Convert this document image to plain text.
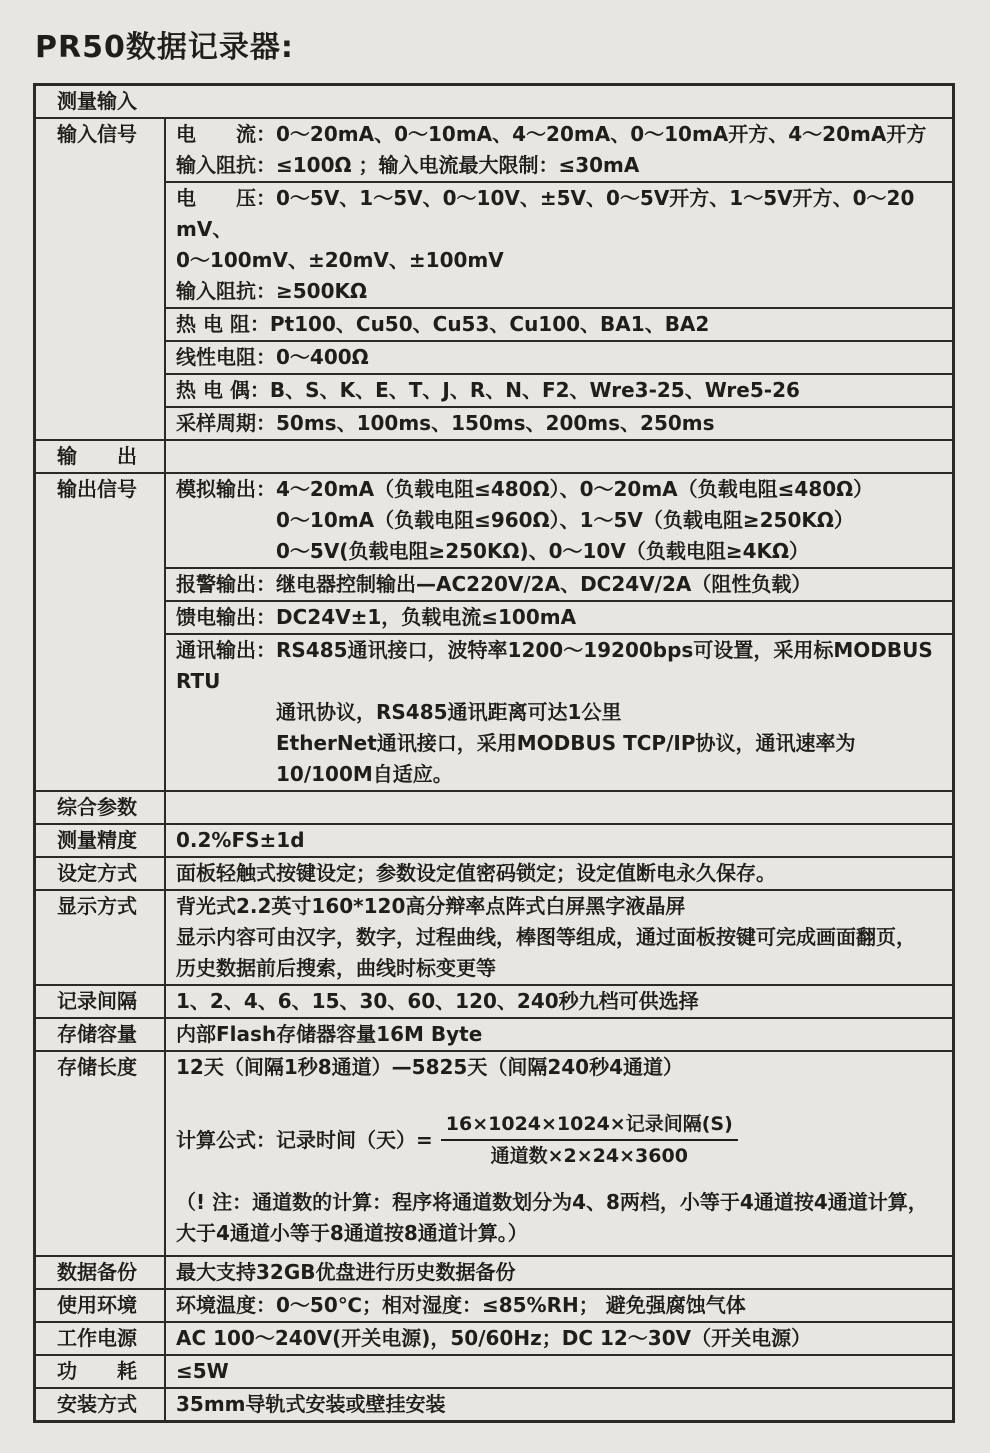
PR50数据记录器:
测量输入
输入信号	电　　流：0～20mA、0～10mA、4～20mA、0～10mA开方、4～20mA开方
输入阻抗：≤100Ω ；输入电流最大限制：≤30mA
电　　压：0～5V、1～5V、0～10V、±5V、0～5V开方、1～5V开方、0～20 mV、
0～100mV、±20mV、±100mV
输入阻抗：≥500KΩ
热 电 阻：Pt100、Cu50、Cu53、Cu100、BA1、BA2
线性电阻：0～400Ω
热 电 偶：B、S、K、E、T、J、R、N、F2、Wre3-25、Wre5-26
采样周期：50ms、100ms、150ms、200ms、250ms
输　　出
输出信号	模拟输出：4～20mA（负载电阻≤480Ω）、0～20mA（负载电阻≤480Ω）
0～10mA（负载电阻≤960Ω）、1～5V（负载电阻≥250KΩ）
0～5V(负载电阻≥250KΩ)、0～10V（负载电阻≥4KΩ）
报警输出：继电器控制输出—AC220V/2A、DC24V/2A（阻性负载）
馈电输出：DC24V±1，负载电流≤100mA
通讯输出：RS485通讯接口，波特率1200～19200bps可设置，采用标MODBUS RTU
通讯协议，RS485通讯距离可达1公里
EtherNet通讯接口，采用MODBUS TCP/IP协议，通讯速率为10/100M自适应。
综合参数
测量精度	0.2%FS±1d
设定方式	面板轻触式按键设定；参数设定值密码锁定；设定值断电永久保存。
显示方式	背光式2.2英寸160*120高分辩率点阵式白屏黑字液晶屏
显示内容可由汉字，数字，过程曲线，棒图等组成，通过面板按键可完成画面翻页，
历史数据前后搜索，曲线时标变更等
记录间隔	1、2、4、6、15、30、60、120、240秒九档可供选择
存储容量	内部Flash存储器容量16M Byte
存储长度	12天（间隔1秒8通道）—5825天（间隔240秒4通道）
计算公式：记录时间（天）= $\frac{\text{16×1024×1024×记录间隔(S)}}{\text{通道数×2×24×3600}}$
（! 注：通道数的计算：程序将通道数划分为4、8两档，小等于4通道按4通道计算，
大于4通道小等于8通道按8通道计算。）
数据备份	最大支持32GB优盘进行历史数据备份
使用环境	环境温度：0～50℃；相对湿度：≤85%RH； 避免强腐蚀气体
工作电源	AC 100～240V(开关电源)，50/60Hz；DC 12～30V（开关电源）
功　　耗	≤5W
安装方式	35mm导轨式安装或壁挂安装
